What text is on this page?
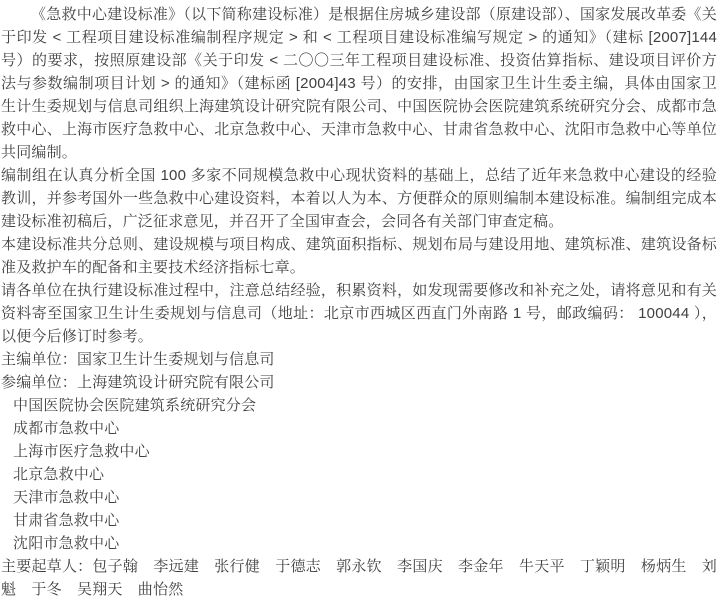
《急救中心建设标准》（以下简称建设标准）是根据住房城乡建设部（原建设部）、国家发展改革委《关于印发 < 工程项目建设标准编制程序规定 > 和 < 工程项目建设标准编写规定 > 的通知》（建标 [2007]144 号）的要求，按照原建设部《关于印发 < 二〇〇三年工程项目建设标准、投资估算指标、建设项目评价方法与参数编制项目计划 > 的通知》（建标函 [2004]43 号）的安排，由国家卫生计生委主编，具体由国家卫生计生委规划与信息司组织上海建筑设计研究院有限公司、中国医院协会医院建筑系统研究分会、成都市急救中心、上海市医疗急救中心、北京急救中心、天津市急救中心、甘肃省急救中心、沈阳市急救中心等单位共同编制。

编制组在认真分析全国 100 多家不同规模急救中心现状资料的基础上，总结了近年来急救中心建设的经验教训，并参考国外一些急救中心建设资料，本着以人为本、方便群众的原则编制本建设标准。编制组完成本建设标准初稿后，广泛征求意见，并召开了全国审查会，会同各有关部门审查定稿。

本建设标准共分总则、建设规模与项目构成、建筑面积指标、规划布局与建设用地、建筑标准、建筑设备标准及救护车的配备和主要技术经济指标七章。

请各单位在执行建设标准过程中，注意总结经验，积累资料，如发现需要修改和补充之处，请将意见和有关资料寄至国家卫生计生委规划与信息司（地址：北京市西城区西直门外南路 1 号，邮政编码： 100044 ），以便今后修订时参考。

主编单位：国家卫生计生委规划与信息司

参编单位：上海建筑设计研究院有限公司

中国医院协会医院建筑系统研究分会

成都市急救中心

上海市医疗急救中心

北京急救中心

天津市急救中心

甘肃省急救中心

沈阳市急救中心

主要起草人：包子翰　李远建　张行健　于德志　郭永钦　李国庆　李金年　牛天平　丁颖明　杨炳生　刘魁　于冬　吴翔天　曲怡然
